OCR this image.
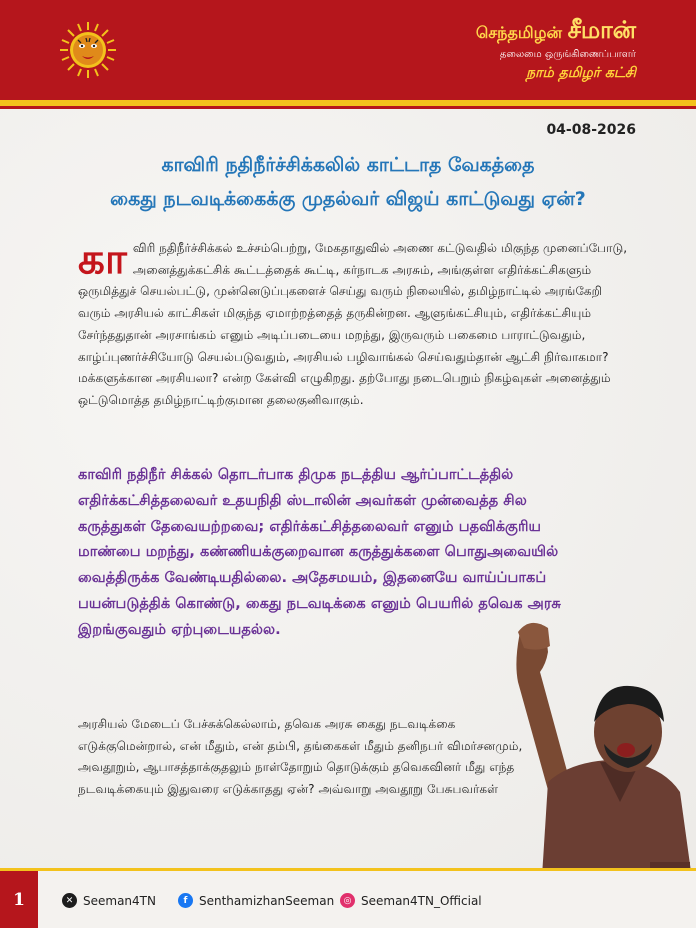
செந்தமிழன் சீமான்
தலைமை ஒருங்கிணைப்பாளர்
நாம் தமிழர் கட்சி
04-08-2026
காவிரி நதிநீர்ச்சிக்கலில் காட்டாத வேகத்தை
கைது நடவடிக்கைக்கு முதல்வர் விஜய் காட்டுவது ஏன்?
கா விரி நதிநீர்ச்சிக்கல் உச்சம்பெற்று, மேகதாதுவில் அணை கட்டுவதில் மிகுந்த முனைப்போடு, அனைத்துக்கட்சிக் கூட்டத்தைக் கூட்டி, கர்நாடக அரசும், அங்குள்ள எதிர்க்கட்சிகளும் ஒருமித்துச் செயல்பட்டு, முன்னெடுப்புகளைச் செய்து வரும் நிலையில், தமிழ்நாட்டில் அரங்கேறி வரும் அரசியல் காட்சிகள் மிகுந்த ஏமாற்றத்தைத் தருகின்றன. ஆளுங்கட்சியும், எதிர்க்கட்சியும் சேர்ந்ததுதான் அரசாங்கம் எனும் அடிப்படையை மறந்து, இருவரும் பகைமை பாராட்டுவதும், காழ்ப்புணர்ச்சியோடு செயல்படுவதும், அரசியல் பழிவாங்கல் செய்வதும்தான் ஆட்சி நிர்வாகமா? மக்களுக்கான அரசியலா? என்ற கேள்வி எழுகிறது. தற்போது நடைபெறும் நிகழ்வுகள் அனைத்தும் ஒட்டுமொத்த தமிழ்நாட்டிற்குமான தலைகுனிவாகும்.
காவிரி நதிநீர் சிக்கல் தொடர்பாக திமுக நடத்திய ஆர்ப்பாட்டத்தில் எதிர்க்கட்சித்தலைவர் உதயநிதி ஸ்டாலின் அவர்கள் முன்வைத்த சில கருத்துகள் தேவையற்றவை; எதிர்க்கட்சித்தலைவர் எனும் பதவிக்குரிய மாண்பை மறந்து, கண்ணியக்குறைவான கருத்துக்களை பொதுஅவையில் வைத்திருக்க வேண்டியதில்லை. அதேசமயம், இதனையே வாய்ப்பாகப் பயன்படுத்திக் கொண்டு, கைது நடவடிக்கை எனும் பெயரில் தவெக அரசு இறங்குவதும் ஏற்புடையதல்ல.
அரசியல் மேடைப் பேச்சுக்கெல்லாம், தவெக அரசு கைது நடவடிக்கை எடுக்குமென்றால், என் மீதும், என் தம்பி, தங்கைகள் மீதும் தனிநபர் விமர்சனமும், அவதூறும், ஆபாசத்தாக்குதலும் நாள்தோறும் தொடுக்கும் தவெகவினர் மீது எந்த நடவடிக்கையும் இதுவரை எடுக்காதது ஏன்? அவ்வாறு அவதூறு பேசுபவர்கள்
1	✕ Seeman4TN	f SenthamizhanSeeman	◎ Seeman4TN_Official
